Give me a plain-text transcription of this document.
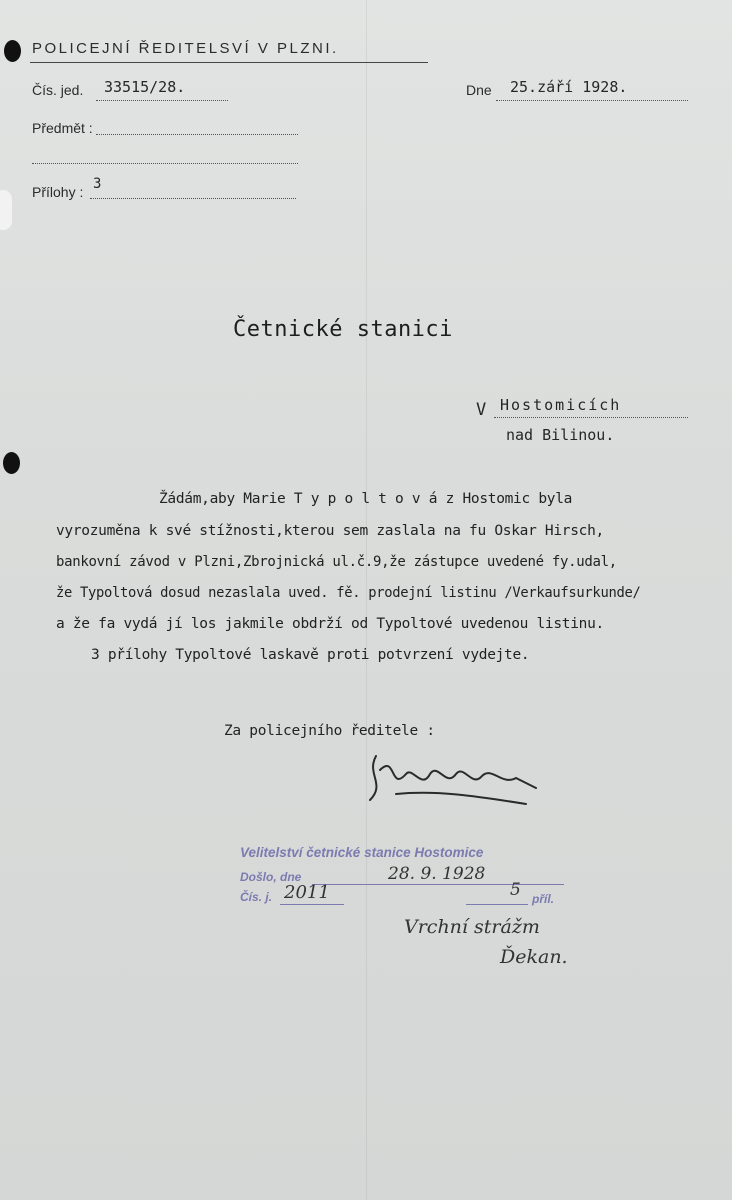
POLICEJNÍ ŘEDITELSVÍ V PLZNI.
Čís. jed. 33515/28.	Dne 25.září 1928.
Předmět :
Přílohy : 3
Četnické stanici
V Hostomicích
nad Bilinou.
Žádám,aby Marie T y p o l t o v á z Hostomic byla
vyrozuměna k své stížnosti,kterou sem zaslala na fu Oskar Hirsch,
bankovní závod v Plzni,Zbrojnická ul.č.9,že zástupce uvedené fy.udal,
že Typoltová dosud nezaslala uved. fě. prodejní listinu /Verkaufsurkunde/
a že fa vydá jí los jakmile obdrží od Typoltové uvedenou listinu.
3 přílohy Typoltové laskavě proti potvrzení vydejte.
Za policejního ředitele :
Velitelství četnické stanice Hostomice
Došlo, dne	28. 9. 1928
Čís. j. 2011	5 příl.
Vrchní strážm
Ďekan.
